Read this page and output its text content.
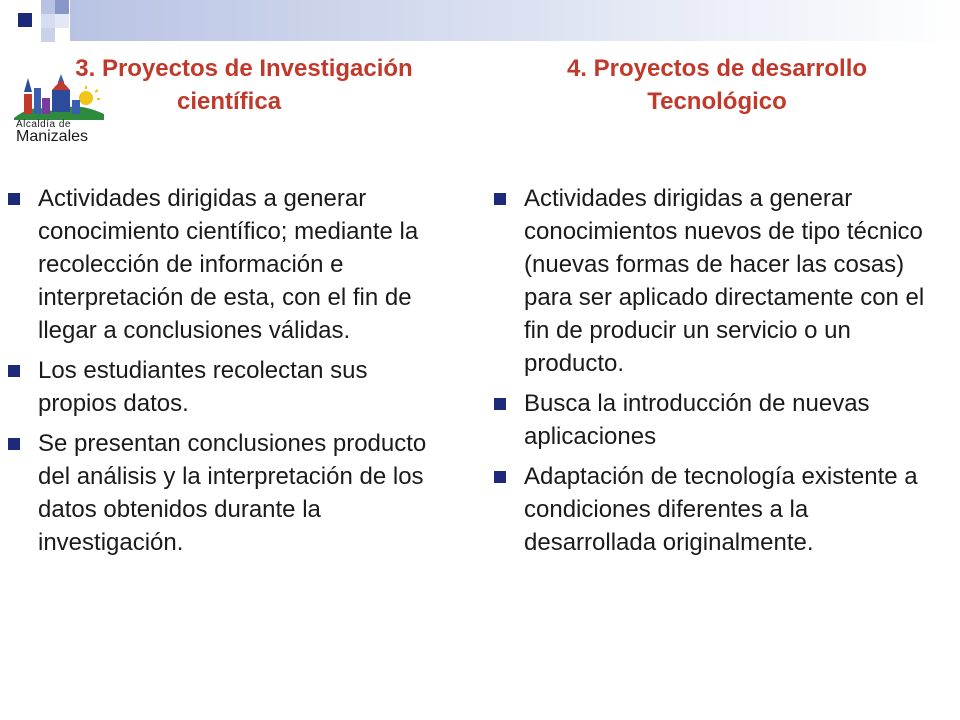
Alcaldía de
Manizales
3. Proyectos de Investigación
científica
4. Proyectos de desarrollo
Tecnológico
Actividades dirigidas a generar conocimiento científico; mediante la recolección de información e interpretación de esta, con el fin de llegar a conclusiones válidas.
Los estudiantes recolectan sus propios datos.
Se presentan conclusiones producto del análisis y la interpretación de los datos obtenidos durante la investigación.
Actividades dirigidas a generar conocimientos nuevos de tipo técnico (nuevas formas de hacer las cosas) para ser aplicado directamente con el fin de producir un servicio o un producto.
Busca la introducción de nuevas aplicaciones
Adaptación de tecnología existente a condiciones diferentes a la desarrollada originalmente.
